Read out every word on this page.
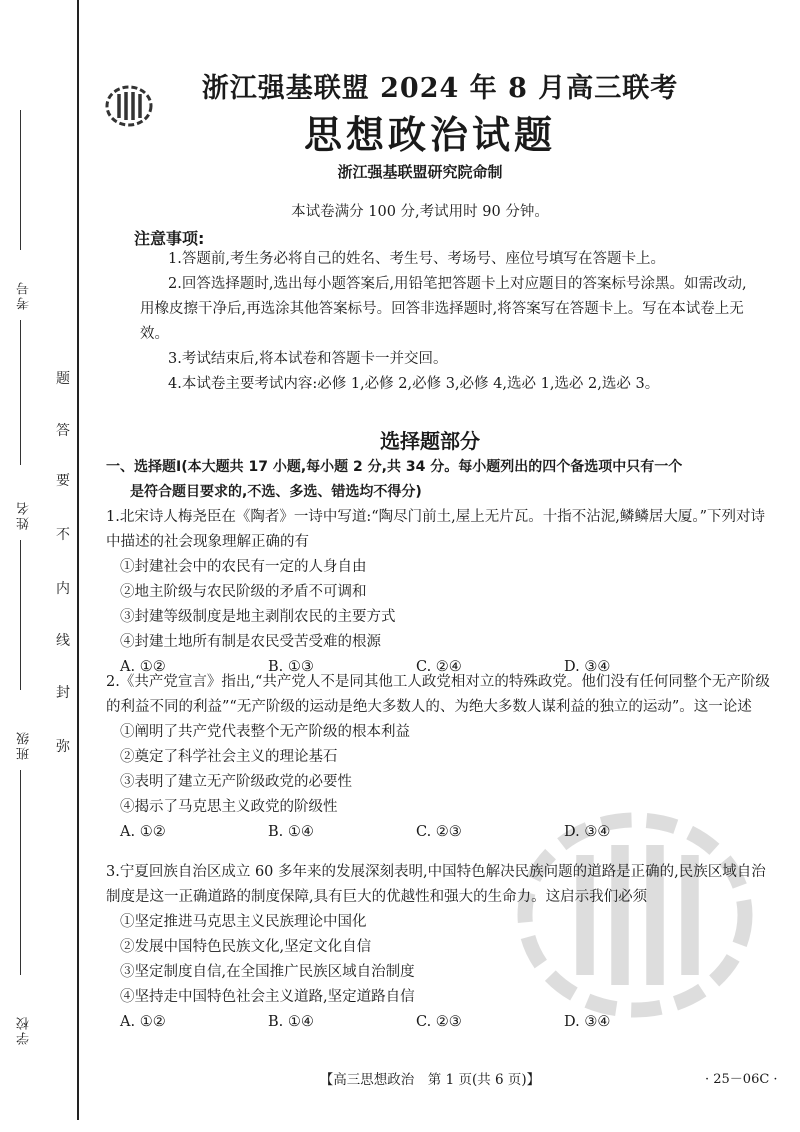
考号
姓名
班级
学校
题
答
要
不
内
线
封
弥
浙江强基联盟 2024 年 8 月高三联考
思想政治试题
浙江强基联盟研究院命制
本试卷满分 100 分,考试用时 90 分钟。
注意事项:
1.答题前,考生务必将自己的姓名、考生号、考场号、座位号填写在答题卡上。
2.回答选择题时,选出每小题答案后,用铅笔把答题卡上对应题目的答案标号涂黑。如需改动,用橡皮擦干净后,再选涂其他答案标号。回答非选择题时,将答案写在答题卡上。写在本试卷上无效。
3.考试结束后,将本试卷和答题卡一并交回。
4.本试卷主要考试内容:必修 1,必修 2,必修 3,必修 4,选必 1,选必 2,选必 3。
选择题部分
一、选择题Ⅰ(本大题共 17 小题,每小题 2 分,共 34 分。每小题列出的四个备选项中只有一个
是符合题目要求的,不选、多选、错选均不得分)
1.北宋诗人梅尧臣在《陶者》一诗中写道:“陶尽门前土,屋上无片瓦。十指不沾泥,鳞鳞居大厦。”下列对诗中描述的社会现象理解正确的有
①封建社会中的农民有一定的人身自由
②地主阶级与农民阶级的矛盾不可调和
③封建等级制度是地主剥削农民的主要方式
④封建土地所有制是农民受苦受难的根源
A. ①②	B. ①③	C. ②④	D. ③④
2.《共产党宣言》指出,“共产党人不是同其他工人政党相对立的特殊政党。他们没有任何同整个无产阶级的利益不同的利益”“无产阶级的运动是绝大多数人的、为绝大多数人谋利益的独立的运动”。这一论述
①阐明了共产党代表整个无产阶级的根本利益
②奠定了科学社会主义的理论基石
③表明了建立无产阶级政党的必要性
④揭示了马克思主义政党的阶级性
A. ①②	B. ①④	C. ②③	D. ③④
3.宁夏回族自治区成立 60 多年来的发展深刻表明,中国特色解决民族问题的道路是正确的,民族区域自治制度是这一正确道路的制度保障,具有巨大的优越性和强大的生命力。这启示我们必须
①坚定推进马克思主义民族理论中国化
②发展中国特色民族文化,坚定文化自信
③坚定制度自信,在全国推广民族区域自治制度
④坚持走中国特色社会主义道路,坚定道路自信
A. ①②	B. ①④	C. ②③	D. ③④
【高三思想政治　第 1 页(共 6 页)】	· 25－06C ·
